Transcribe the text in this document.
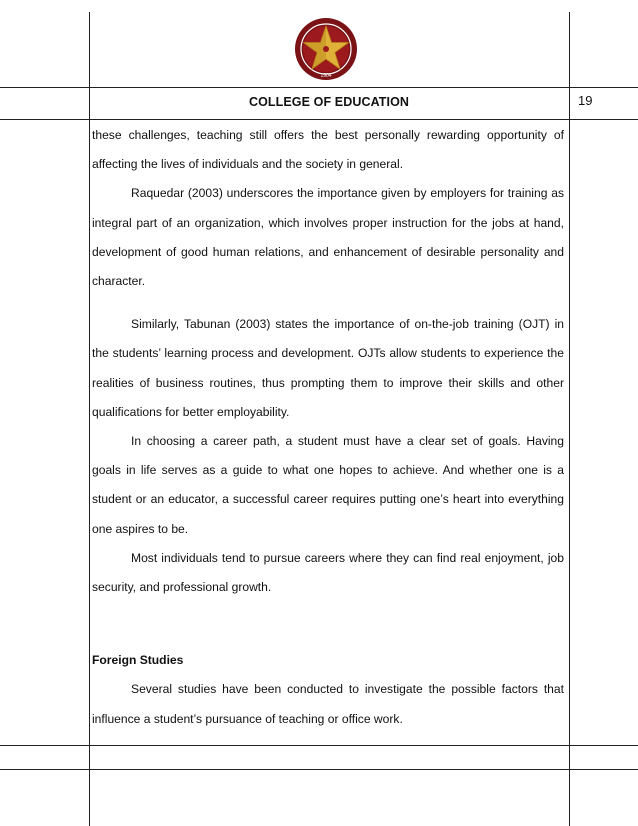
1904
COLLEGE OF EDUCATION	19

these challenges, teaching still offers the best personally rewarding opportunity of affecting the lives of individuals and the society in general.

Raquedar (2003) underscores the importance given by employers for training as integral part of an organization, which involves proper instruction for the jobs at hand, development of good human relations, and enhancement of desirable personality and character.

Similarly, Tabunan (2003) states the importance of on-the-job training (OJT) in the students’ learning process and development. OJTs allow students to experience the realities of business routines, thus prompting them to improve their skills and other qualifications for better employability.

In choosing a career path, a student must have a clear set of goals. Having goals in life serves as a guide to what one hopes to achieve. And whether one is a student or an educator, a successful career requires putting one’s heart into everything one aspires to be.

Most individuals tend to pursue careers where they can find real enjoyment, job security, and professional growth.

Foreign Studies

Several studies have been conducted to investigate the possible factors that influence a student’s pursuance of teaching or office work.
